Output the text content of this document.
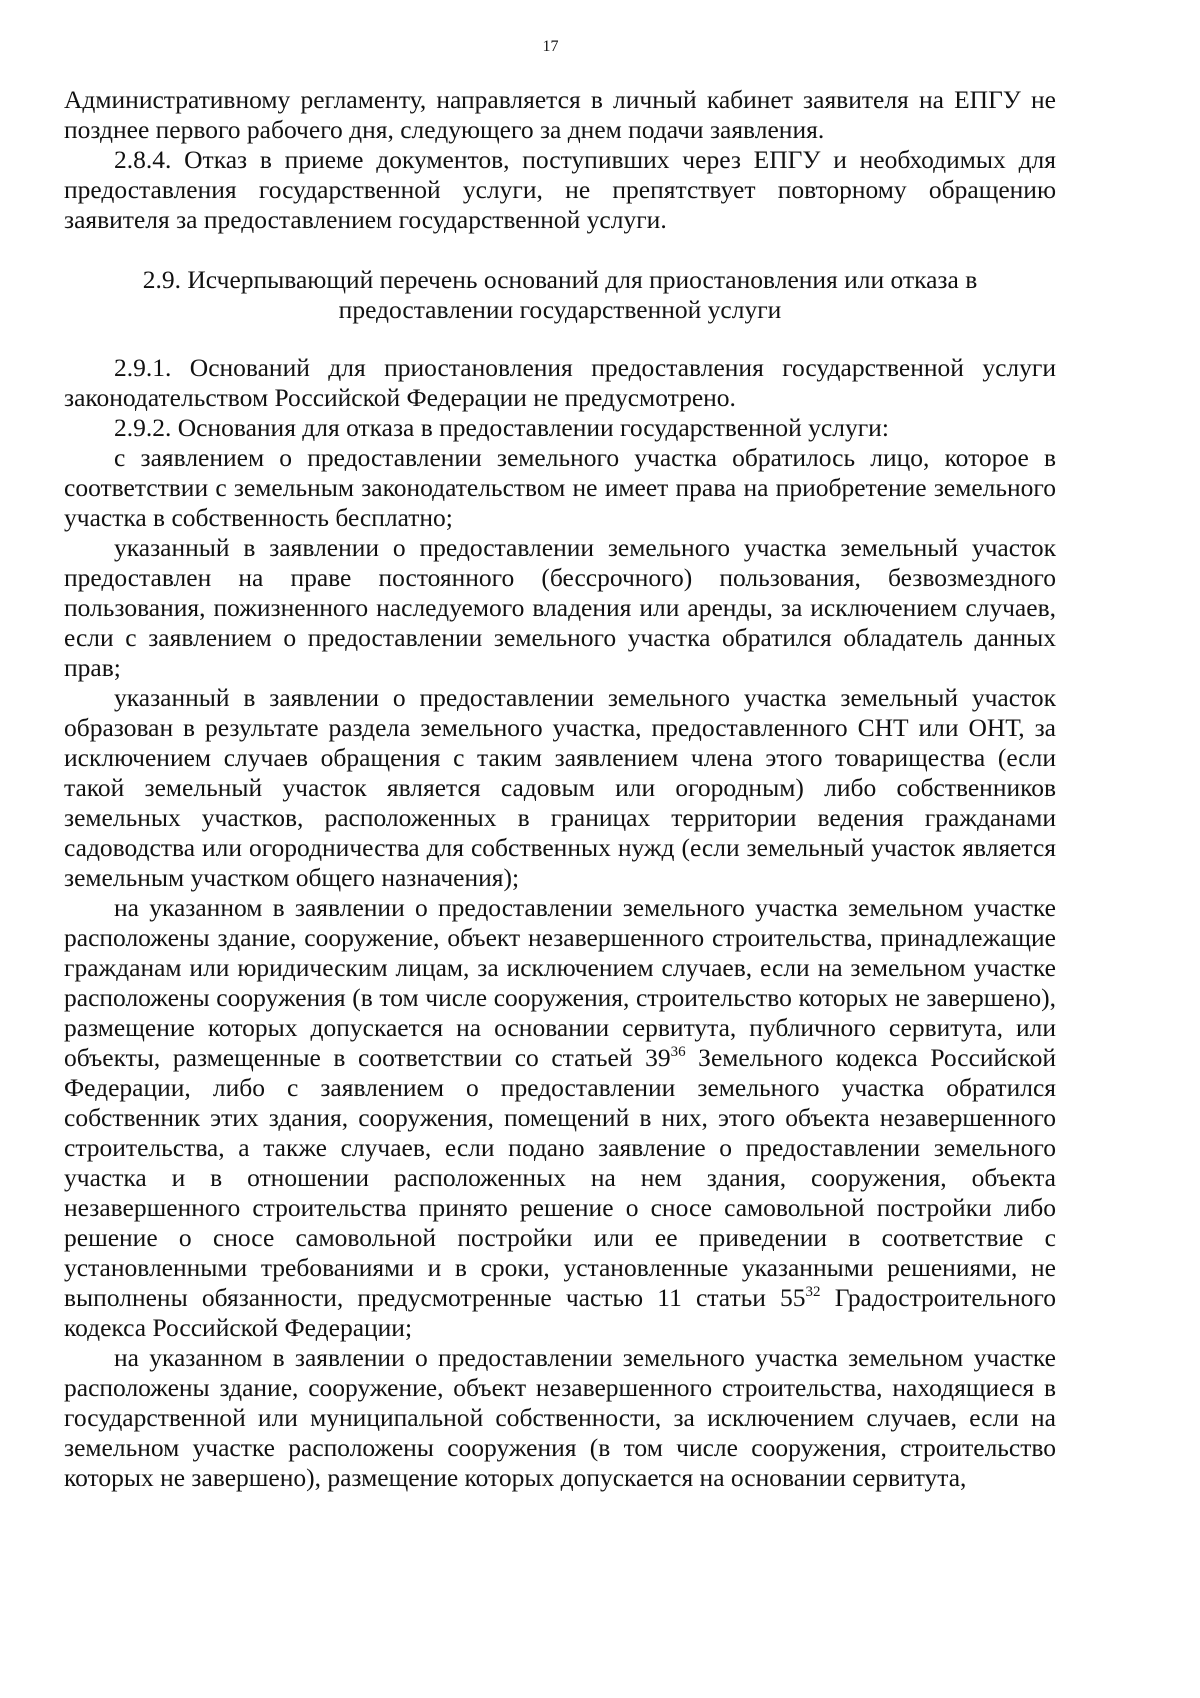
17

Административному регламенту, направляется в личный кабинет заявителя на ЕПГУ не позднее первого рабочего дня, следующего за днем подачи заявления.

2.8.4. Отказ в приеме документов, поступивших через ЕПГУ и необходимых для предоставления государственной услуги, не препятствует повторному обращению заявителя за предоставлением государственной услуги.

2.9. Исчерпывающий перечень оснований для приостановления или отказа в
предоставлении государственной услуги

2.9.1. Оснований для приостановления предоставления государственной услуги законодательством Российской Федерации не предусмотрено.

2.9.2. Основания для отказа в предоставлении государственной услуги:

с заявлением о предоставлении земельного участка обратилось лицо, которое в соответствии с земельным законодательством не имеет права на приобретение земельного участка в собственность бесплатно;

указанный в заявлении о предоставлении земельного участка земельный участок предоставлен на праве постоянного (бессрочного) пользования, безвозмездного пользования, пожизненного наследуемого владения или аренды, за исключением случаев, если с заявлением о предоставлении земельного участка обратился обладатель данных прав;

указанный в заявлении о предоставлении земельного участка земельный участок образован в результате раздела земельного участка, предоставленного СНТ или ОНТ, за исключением случаев обращения с таким заявлением члена этого товарищества (если такой земельный участок является садовым или огородным) либо собственников земельных участков, расположенных в границах территории ведения гражданами садоводства или огородничества для собственных нужд (если земельный участок является земельным участком общего назначения);

на указанном в заявлении о предоставлении земельного участка земельном участке расположены здание, сооружение, объект незавершенного строительства, принадлежащие гражданам или юридическим лицам, за исключением случаев, если на земельном участке расположены сооружения (в том числе сооружения, строительство которых не завершено), размещение которых допускается на основании сервитута, публичного сервитута, или объекты, размещенные в соответствии со статьей $39^{36}$ Земельного кодекса Российской Федерации, либо с заявлением о предоставлении земельного участка обратился собственник этих здания, сооружения, помещений в них, этого объекта незавершенного строительства, а также случаев, если подано заявление о предоставлении земельного участка и в отношении расположенных на нем здания, сооружения, объекта незавершенного строительства принято решение о сносе самовольной постройки либо решение о сносе самовольной постройки или ее приведении в соответствие с установленными требованиями и в сроки, установленные указанными решениями, не выполнены обязанности, предусмотренные частью 11 статьи $55^{32}$ Градостроительного кодекса Российской Федерации;

на указанном в заявлении о предоставлении земельного участка земельном участке расположены здание, сооружение, объект незавершенного строительства, находящиеся в государственной или муниципальной собственности, за исключением случаев, если на земельном участке расположены сооружения (в том числе сооружения, строительство которых не завершено), размещение которых допускается на основании сервитута,
